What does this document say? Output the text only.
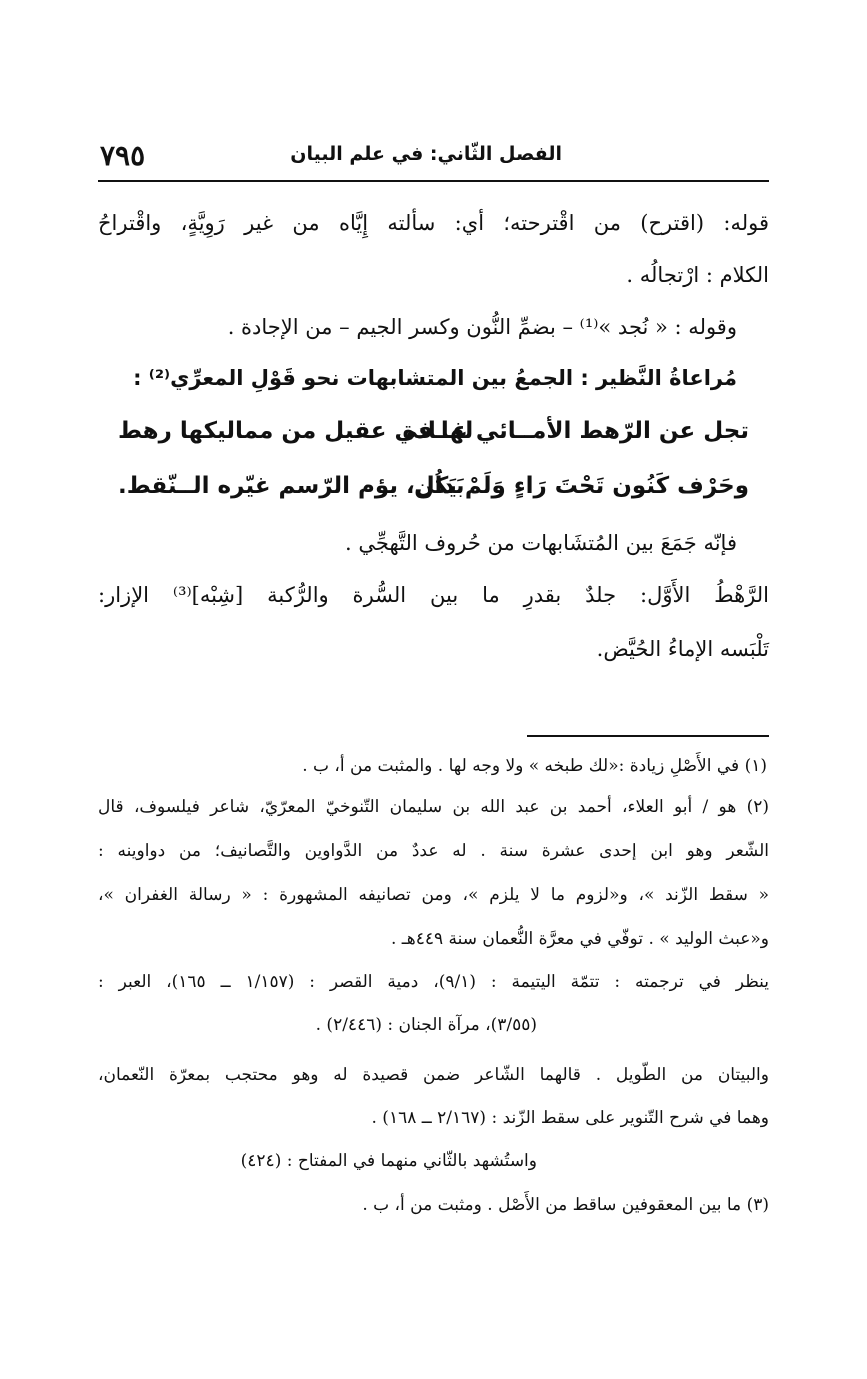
٧٩٥	الفصل الثّاني: في علم البيان
قوله: (اقترح) من اقْترحته؛ أي: سألته إِيَّاه من غير رَوِيَّةٍ، واقْتراحُ
الكلام : ارْتجالُه .
وقوله : « نُجد »⁽¹⁾ – بضمِّ النُّون وكسر الجيم – من الإجادة .
مُراعاةُ النَّظير : الجمعُ بين المتشابهات نحو قَوْلِ المعرِّي⁽²⁾ :
تجل عن الرّهط الأمــائي غــادة
لها في عقيل من مماليكها رهط
وحَرْف كَنُون تَحْتَ رَاءٍ وَلَمْ يَكُن
بَدال، يؤم الرّسم غيّره الــنّقط.
فإنّه جَمَعَ بين المُتشَابهات من حُروف التَّهجِّي .
الرَّهْطُ الأَوَّل: جلدٌ بقدرِ ما بين السُّرة والرُّكبة [شِبْه]⁽³⁾ الإزار:
تَلْبَسه الإماءُ الحُيَّض.
(١) في الأَصْلِ زيادة :«لك طبخه » ولا وجه لها . والمثبت من أ، ب .
(٢) هو / أبو العلاء، أحمد بن عبد الله بن سليمان التّنوخيّ المعرّيّ، شاعر فيلسوف، قال
الشّعر وهو ابن إحدى عشرة سنة . له عددٌ من الدَّواوين والتَّصانيف؛ من دواوينه :
« سقط الزّند »، و«لزوم ما لا يلزم »، ومن تصانيفه المشهورة : « رسالة الغفران »،
و«عبث الوليد » . توفّي في معرَّة النُّعمان سنة ٤٤٩هـ .
ينظر في ترجمته : تتمّة اليتيمة : (٩/١)، دمية القصر : (١/١٥٧ ــ ١٦٥)، العبر :
(٣/٥٥)، مرآة الجنان : (٢/٤٤٦) .
والبيتان من الطّويل . قالهما الشّاعر ضمن قصيدة له وهو محتجب بمعرّة النّعمان،
وهما في شرح التّنوير على سقط الزّند : (٢/١٦٧ ــ ١٦٨) .
واستُشهد بالثّاني منهما في المفتاح : (٤٢٤)
(٣) ما بين المعقوفين ساقط من الأَصْل . ومثبت من أ، ب .
